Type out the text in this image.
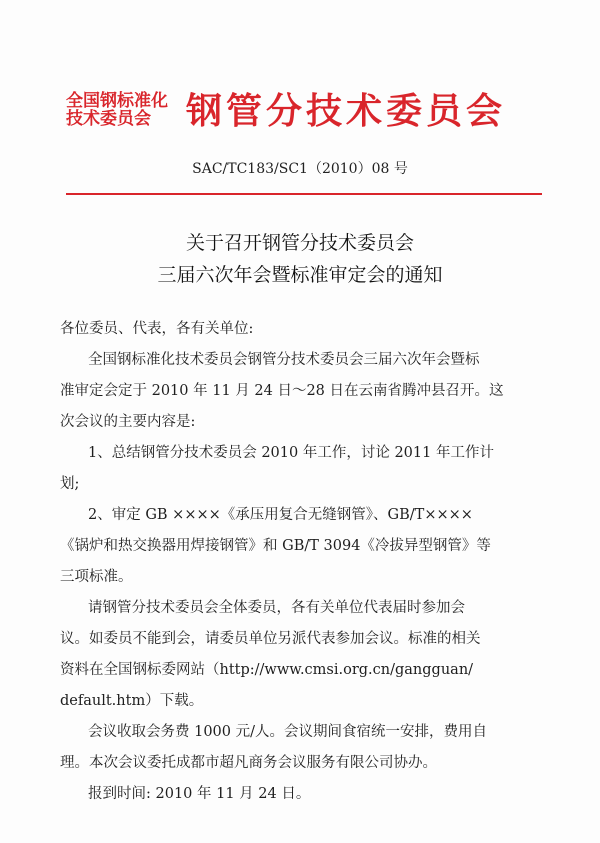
全国钢标准化
技术委员会 钢管分技术委员会
SAC/TC183/SC1（2010）08 号
关于召开钢管分技术委员会
三届六次年会暨标准审定会的通知

各位委员、代表，各有关单位:

全国钢标准化技术委员会钢管分技术委员会三届六次年会暨标

准审定会定于 2010 年 11 月 24 日～28 日在云南省腾冲县召开。这

次会议的主要内容是:

1、总结钢管分技术委员会 2010 年工作，讨论 2011 年工作计

划;

2、审定 GB ××××《承压用复合无缝钢管》、GB/T××××

《锅炉和热交换器用焊接钢管》和 GB/T 3094《冷拔异型钢管》等

三项标准。

请钢管分技术委员会全体委员，各有关单位代表届时参加会

议。如委员不能到会，请委员单位另派代表参加会议。标准的相关

资料在全国钢标委网站（http://www.cmsi.org.cn/gangguan/

default.htm）下载。

会议收取会务费 1000 元/人。会议期间食宿统一安排，费用自

理。本次会议委托成都市超凡商务会议服务有限公司协办。

报到时间: 2010 年 11 月 24 日。
